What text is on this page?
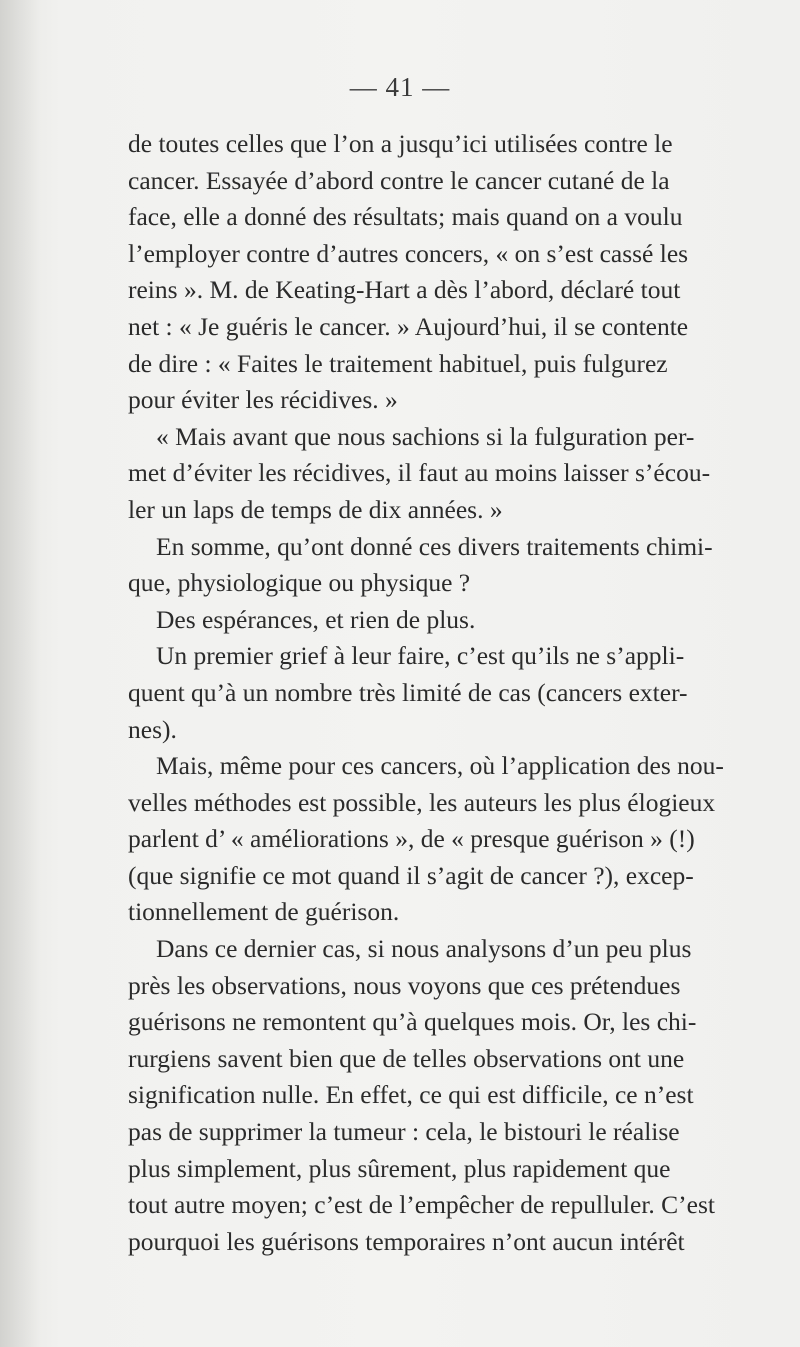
— 41 —
de toutes celles que l’on a jusqu’ici utilisées contre le
cancer. Essayée d’abord contre le cancer cutané de la
face, elle a donné des résultats; mais quand on a voulu
l’employer contre d’autres concers, « on s’est cassé les
reins ». M. de Keating-Hart a dès l’abord, déclaré tout
net : « Je guéris le cancer. » Aujourd’hui, il se contente
de dire : « Faites le traitement habituel, puis fulgurez
pour éviter les récidives. »
« Mais avant que nous sachions si la fulguration per-
met d’éviter les récidives, il faut au moins laisser s’écou-
ler un laps de temps de dix années. »
En somme, qu’ont donné ces divers traitements chimi-
que, physiologique ou physique ?
Des espérances, et rien de plus.
Un premier grief à leur faire, c’est qu’ils ne s’appli-
quent qu’à un nombre très limité de cas (cancers exter-
nes).
Mais, même pour ces cancers, où l’application des nou-
velles méthodes est possible, les auteurs les plus élogieux
parlent d’ « améliorations », de « presque guérison » (!)
(que signifie ce mot quand il s’agit de cancer ?), excep-
tionnellement de guérison.
Dans ce dernier cas, si nous analysons d’un peu plus
près les observations, nous voyons que ces prétendues
guérisons ne remontent qu’à quelques mois. Or, les chi-
rurgiens savent bien que de telles observations ont une
signification nulle. En effet, ce qui est difficile, ce n’est
pas de supprimer la tumeur : cela, le bistouri le réalise
plus simplement, plus sûrement, plus rapidement que
tout autre moyen; c’est de l’empêcher de repulluler. C’est
pourquoi les guérisons temporaires n’ont aucun intérêt
